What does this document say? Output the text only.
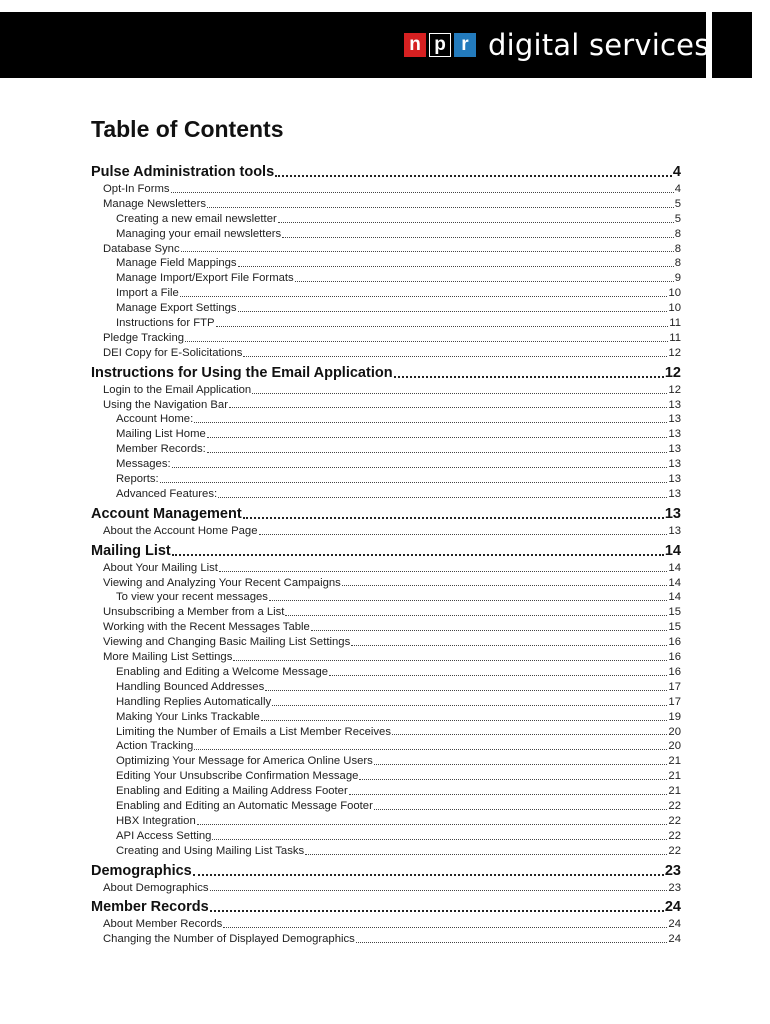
n p r digital services
Table of Contents
Pulse Administration tools	4
Opt-In Forms	4
Manage Newsletters	5
Creating a new email newsletter	5
Managing your email newsletters	8
Database Sync	8
Manage Field Mappings	8
Manage Import/Export File Formats	9
Import a File	10
Manage Export Settings	10
Instructions for FTP	11
Pledge Tracking	11
DEI Copy for E-Solicitations	12
Instructions for Using the Email Application	12
Login to the Email Application	12
Using the Navigation Bar	13
Account Home:	13
Mailing List Home	13
Member Records:	13
Messages:	13
Reports:	13
Advanced Features:	13
Account Management	13
About the Account Home Page	13
Mailing List	14
About Your Mailing List	14
Viewing and Analyzing Your Recent Campaigns	14
To view your recent messages	14
Unsubscribing a Member from a List	15
Working with the Recent Messages Table	15
Viewing and Changing Basic Mailing List Settings	16
More Mailing List Settings	16
Enabling and Editing a Welcome Message	16
Handling Bounced Addresses	17
Handling Replies Automatically	17
Making Your Links Trackable	19
Limiting the Number of Emails a List Member Receives	20
Action Tracking	20
Optimizing Your Message for America Online Users	21
Editing Your Unsubscribe Confirmation Message	21
Enabling and Editing a Mailing Address Footer	21
Enabling and Editing an Automatic Message Footer	22
HBX Integration	22
API Access Setting	22
Creating and Using Mailing List Tasks	22
Demographics	23
About Demographics	23
Member Records	24
About Member Records	24
Changing the Number of Displayed Demographics	24
